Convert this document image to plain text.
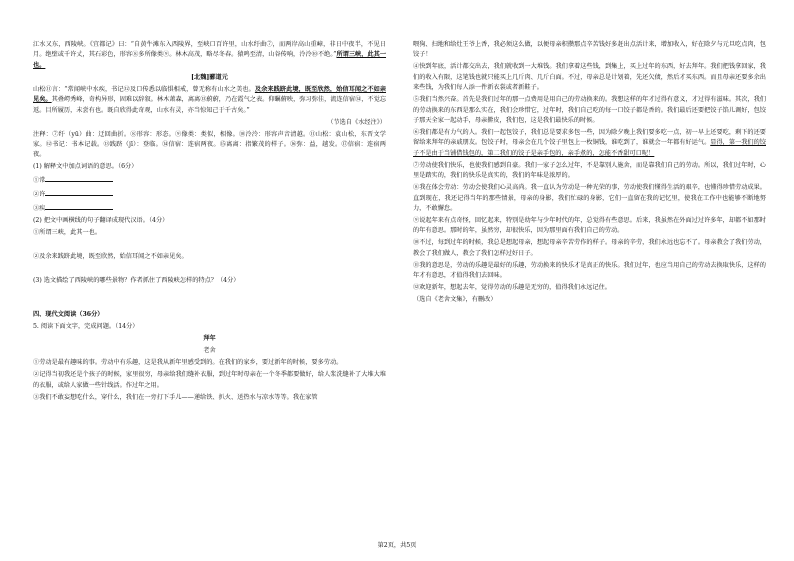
江水又东，西陵峡。《宜都记》曰：“自黄牛滩东入西陵界，至峡口百许里，山水纡曲⑦，而两岸高山重嶂，非日中夜半，不见日月。绝壁或千许丈，其石彩色，形容⑧多所像类⑨。林木高茂，略尽冬春。猿鸣至清，山谷传响，泠泠⑩不绝。”所谓三峡，此其一也。

[北魏]郦道元

山松⑪言：“常闻峡中水疾，书记⑫及口传悉以临惧相戒，曾无称有山水之美也。及余来践跻此境，既至欣然，始信耳闻之不如亲见矣。其叠崿秀峰，奇构异形，固难以辞叙。林木萧森，离离⑬蔚蔚，乃在霞气之表。仰瞩俯映，弥习弥佳，流连信宿⑭，不觉忘返。目所履历，未尝有也。既自欣得此奇观，山水有灵，亦当惊知己于千古矣。”

（节选自《水经注》）

注释：⑦纡（yū）曲：迂回曲折。⑧形容：形态。⑨像类：类似，相像。⑩泠泠：形容声音清越。⑪山松：袁山松，东晋文学家。⑫书记：书本记载。⑬践跻（jī）：登临。⑭信宿：连宿两夜。⑮离离：指繁茂的样子。⑯弥：益，越发。⑰信宿：连宿两夜。

(1) 解释文中加点词语的意思。（6分）

①常

②许

③疾

(2) 把文中画横线的句子翻译成现代汉语。（4分）

①所谓三峡，此其一也。

②及余来践跻此境，既至欣然，始信耳闻之不如亲见矣。

(3) 选文描绘了西陵峡的哪些景物？作者抓住了西陵峡怎样的特点？（4分）

四、现代文阅读（36分）

5. 阅读下面文字，完成问题。（14分）

拜年

老舍

①劳动是最有趣味的事。劳动中有乐趣，这是我从新年里感受到的。在我们的家乡，要过新年的时候，要多劳动。

②记得当初我还是个孩子的时候，家里很穷，母亲给我们缝补衣服，到过年时母亲在一个冬季都要做好，给人浆洗缝补了大堆大堆的衣服，或给人家做一些针线活。作过年之用。

③我们不敢妄想吃什么，穿什么，我们在一旁打下手儿——递给铁、扒火、送热水与凉水等等。我在家管

喂狗、扫地和给灶王爷上香，我必须这么做，以便母亲积攒那点辛苦钱好多赶出点活计来，增加收入，好在除夕与元旦吃点肉，包饺子！

④快到年底，活计都交出去，我们就收到一大堆钱。我们拿着这些钱，到集上，买上过年的东西，好去拜年。我们把钱拿回家，我们的收入有限，这笔钱也就只能买上几斤肉、几斤白面。不过，母亲总是计划着，先还欠债，然后才买东西。而且母亲还要多余出来些钱，为我们每人添一件新衣裳或者新鞋子。

⑤我们当然兴奋。首先是我们过年的那一点费用是用自己的劳动换来的。我想这样的年才过得有意义，才过得有滋味。其次，我们的劳动换来的东西是那么实在，我们会珍惜它，过年时，我们自己吃的每一口饺子都是香的。我们最后还要把饺子馅儿调好，包饺子那天全家一起动手，母亲擀皮，我们包，这是我们最快乐的时候。

⑥我们都是有力气的人。我们一起包饺子，我们总是要求多包一些，因为除夕晚上我们要多吃一点，初一早上还要吃，剩下的还要留给来拜年的亲戚朋友。包饺子时，母亲会在几个饺子里包上一枚铜钱，谁吃到了，谁就会一年都有好运气。显得，第一我们的饺子不是由于当铺借钱包的，第二我们的饺子是亲手包的，亲手煮的，怎能不香甜可口呢！

⑦劳动使我们快乐，也使我们感到自豪。我们一家子怎么过年，不是靠别人施舍，而是靠我们自己的劳动。所以，我们过年时，心里是踏实的，我们的快乐是真实的，我们的年味是浓厚的。

⑧我在体会劳动：劳动会使我们心灵高尚。我一直认为劳动是一种光荣的事，劳动使我们懂得生活的艰辛，也懂得珍惜劳动成果。直到现在，我还记得当年的那些情景，母亲的身影，我们忙碌的身影，它们一直留在我的记忆里，使我在工作中也能够不断地努力，不敢懈怠。

⑨说起年来有点奇怪，回忆起来，特别是幼年与少年时代的年，总觉得有些意思。后来，我虽然在外面过过许多年，却都不如那时的年有意思。那时的年，虽然穷，却很快乐，因为那里面有我们自己的劳动。

⑩不过，每到过年的时候，我总是想起母亲，想起母亲辛苦劳作的样子。母亲的辛劳，我们永远也忘不了。母亲教会了我们劳动，教会了我们做人，教会了我们怎样过好日子。

⑪我的意思是，劳动的乐趣是最好的乐趣，劳动换来的快乐才是真正的快乐。我们过年，也应当用自己的劳动去换取快乐，这样的年才有意思，才值得我们去回味。

⑫欢迎新年，想起去年，觉得劳动的乐趣是无穷的，值得我们永远记住。

（选自《老舍文集》，有删改）

第2页，共5页
